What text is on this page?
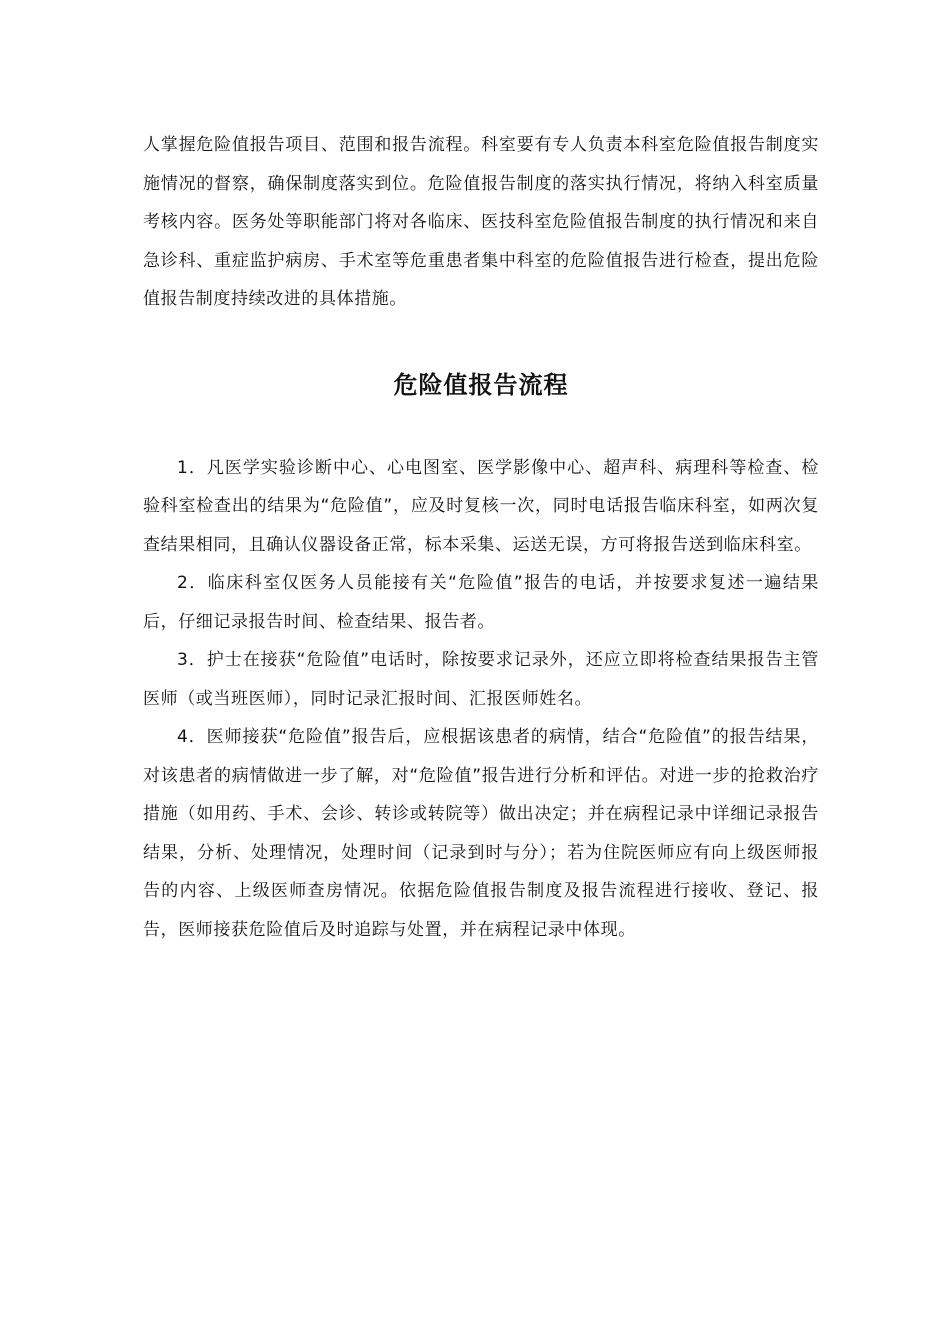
人掌握危险值报告项目、范围和报告流程。科室要有专人负责本科室危险值报告制度实施情况的督察，确保制度落实到位。危险值报告制度的落实执行情况，将纳入科室质量考核内容。医务处等职能部门将对各临床、医技科室危险值报告制度的执行情况和来自急诊科、重症监护病房、手术室等危重患者集中科室的危险值报告进行检查，提出危险值报告制度持续改进的具体措施。

危险值报告流程

1．凡医学实验诊断中心、心电图室、医学影像中心、超声科、病理科等检查、检验科室检查出的结果为“危险值”，应及时复核一次，同时电话报告临床科室，如两次复查结果相同，且确认仪器设备正常，标本采集、运送无误，方可将报告送到临床科室。

2．临床科室仅医务人员能接有关“危险值”报告的电话，并按要求复述一遍结果后，仔细记录报告时间、检查结果、报告者。

3．护士在接获“危险值”电话时，除按要求记录外，还应立即将检查结果报告主管医师（或当班医师），同时记录汇报时间、汇报医师姓名。

4．医师接获“危险值”报告后，应根据该患者的病情，结合“危险值”的报告结果，对该患者的病情做进一步了解，对“危险值”报告进行分析和评估。对进一步的抢救治疗措施（如用药、手术、会诊、转诊或转院等）做出决定；并在病程记录中详细记录报告结果，分析、处理情况，处理时间（记录到时与分）；若为住院医师应有向上级医师报告的内容、上级医师查房情况。依据危险值报告制度及报告流程进行接收、登记、报告，医师接获危险值后及时追踪与处置，并在病程记录中体现。
